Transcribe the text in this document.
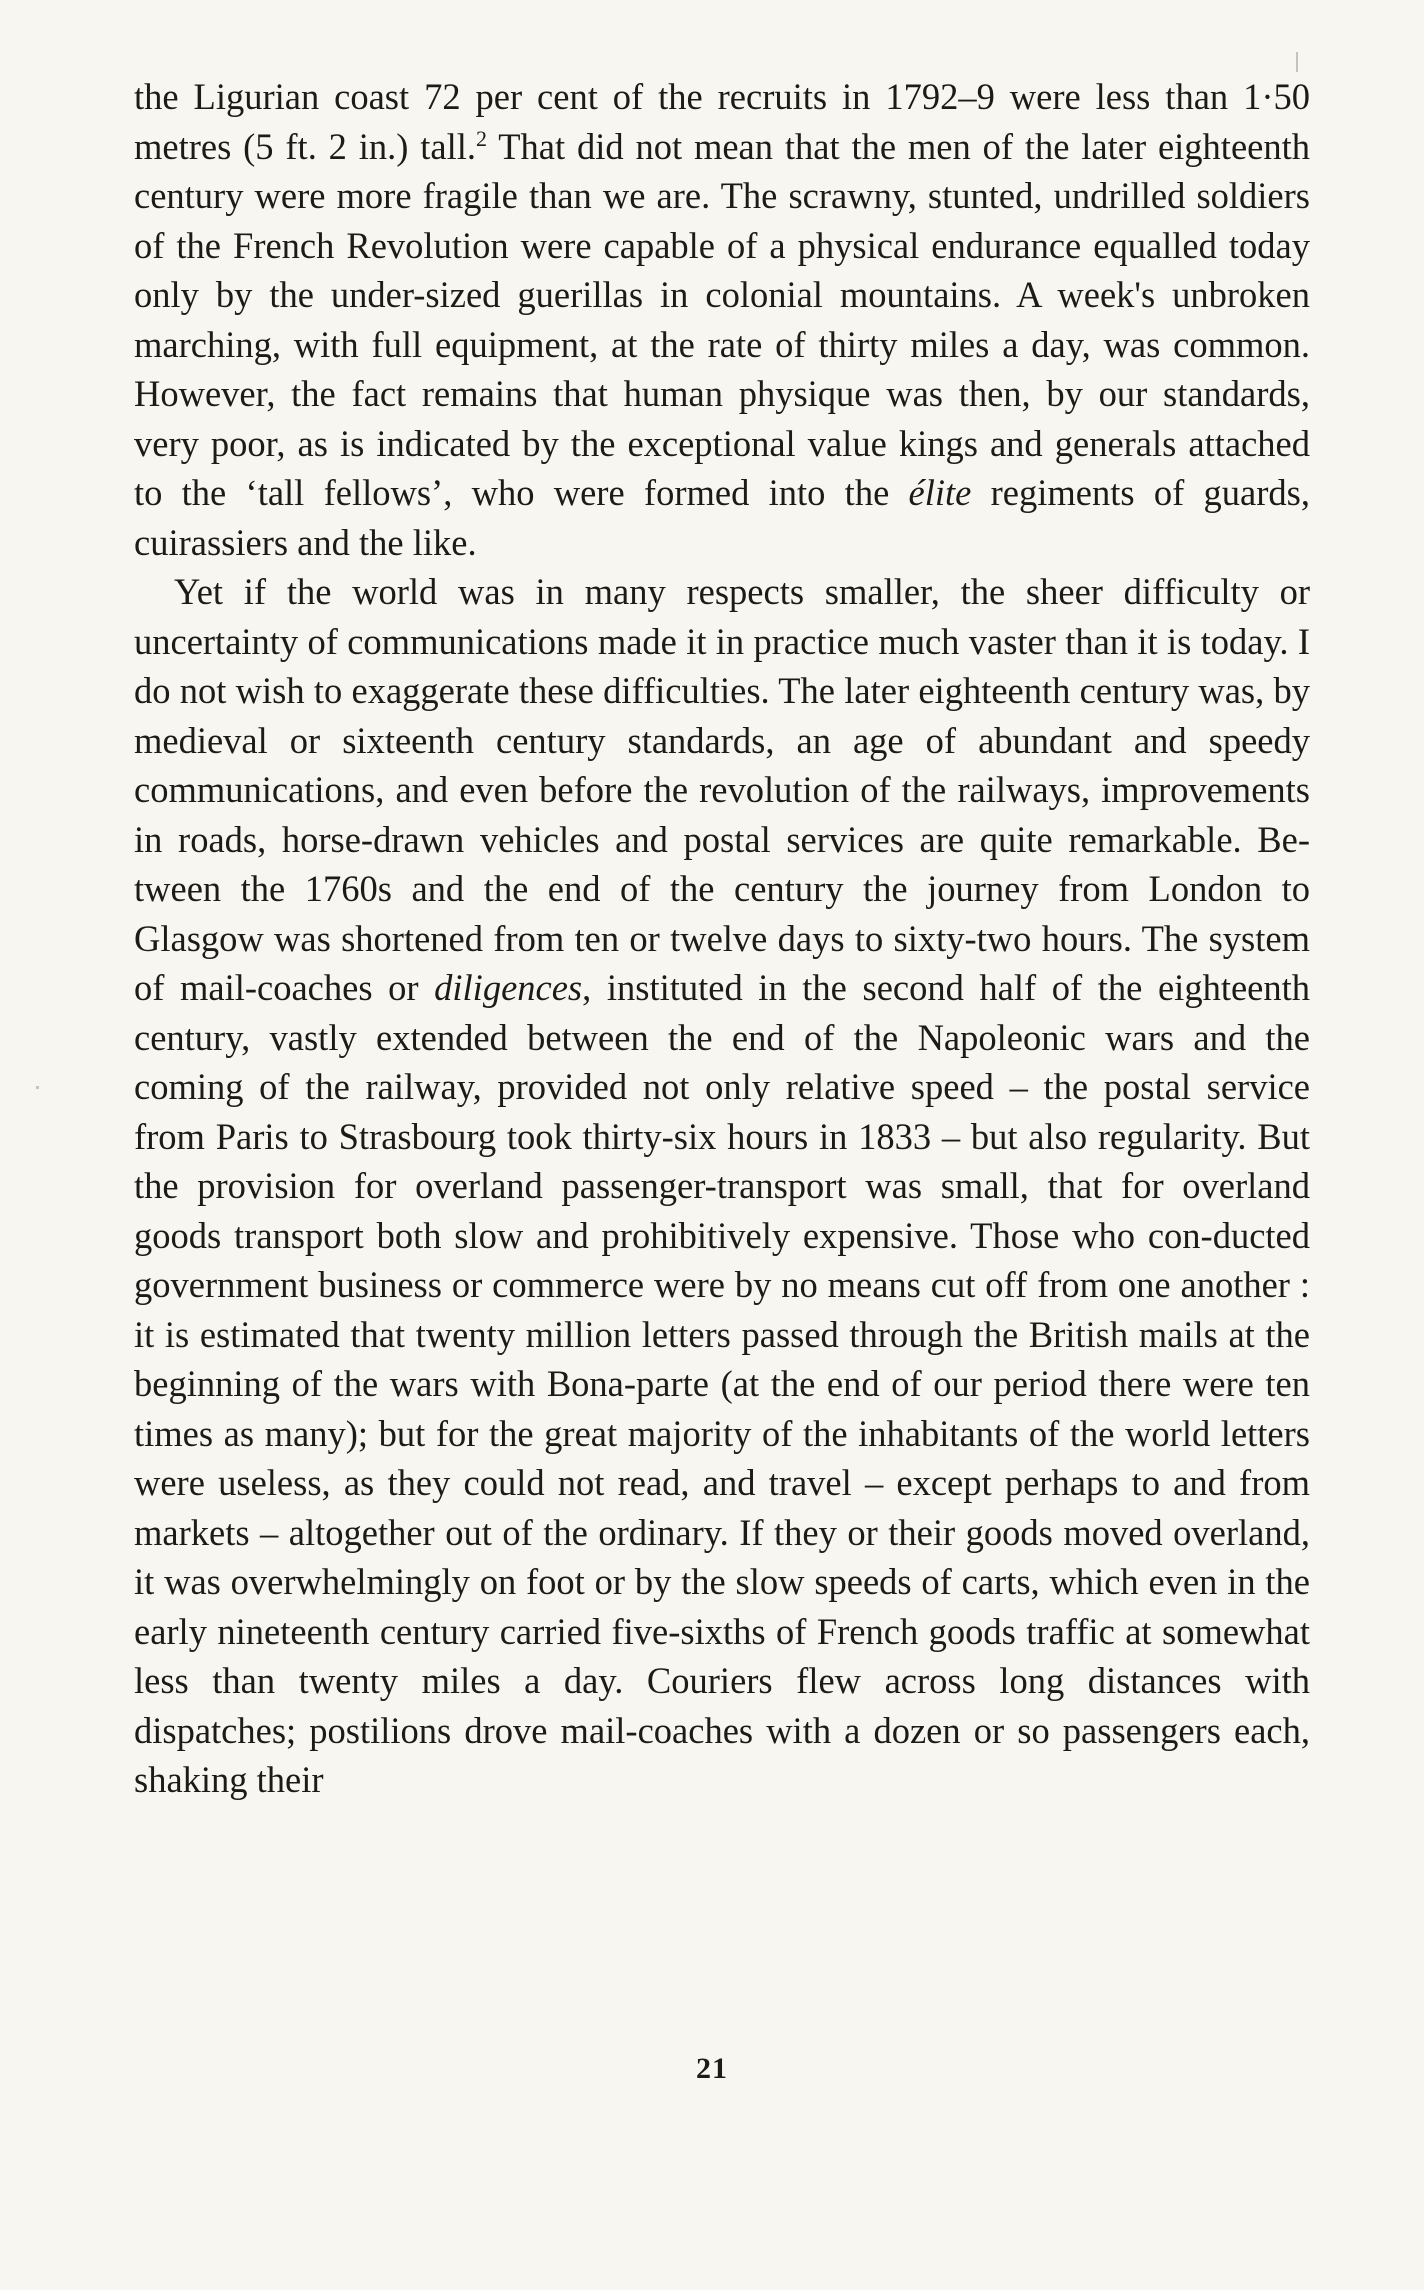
the Ligurian coast 72 per cent of the recruits in 1792–9 were less than 1·50 metres (5 ft. 2 in.) tall.$^2$ That did not mean that the men of the later eighteenth century were more fragile than we are. The scrawny, stunted, undrilled soldiers of the French Revolution were capable of a physical endurance equalled today only by the under-sized guerillas in colonial mountains. A week's unbroken marching, with full equipment, at the rate of thirty miles a day, was common. However, the fact remains that human physique was then, by our standards, very poor, as is indicated by the exceptional value kings and generals attached to the ‘tall fellows’, who were formed into the élite regiments of guards, cuirassiers and the like.

Yet if the world was in many respects smaller, the sheer difficulty or uncertainty of communications made it in practice much vaster than it is today. I do not wish to exaggerate these difficulties. The later eighteenth century was, by medieval or sixteenth century standards, an age of abundant and speedy communications, and even before the revolution of the railways, improvements in roads, horse-drawn vehicles and postal services are quite remarkable. Be-tween the 1760s and the end of the century the journey from London to Glasgow was shortened from ten or twelve days to sixty-two hours. The system of mail-coaches or diligences, instituted in the second half of the eighteenth century, vastly extended between the end of the Napoleonic wars and the coming of the railway, provided not only relative speed – the postal service from Paris to Strasbourg took thirty-six hours in 1833 – but also regularity. But the provision for overland passenger-transport was small, that for overland goods transport both slow and prohibitively expensive. Those who con-ducted government business or commerce were by no means cut off from one another : it is estimated that twenty million letters passed through the British mails at the beginning of the wars with Bona-parte (at the end of our period there were ten times as many); but for the great majority of the inhabitants of the world letters were useless, as they could not read, and travel – except perhaps to and from markets – altogether out of the ordinary. If they or their goods moved overland, it was overwhelmingly on foot or by the slow speeds of carts, which even in the early nineteenth century carried five-sixths of French goods traffic at somewhat less than twenty miles a day. Couriers flew across long distances with dispatches; postilions drove mail-coaches with a dozen or so passengers each, shaking their

21
